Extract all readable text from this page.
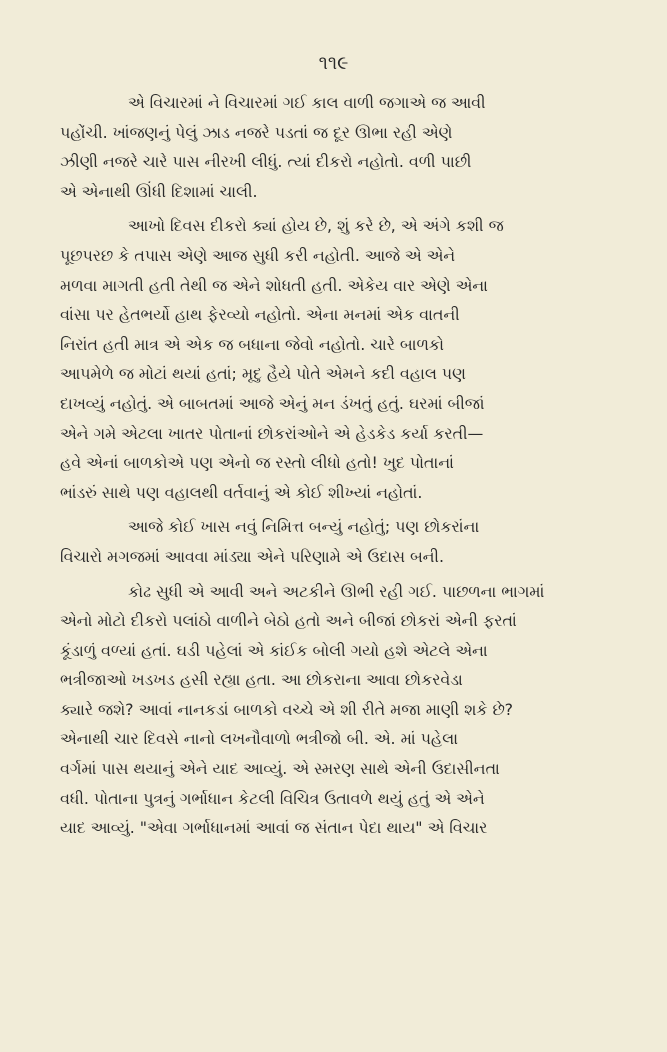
૧૧૯
એ વિચારમાં ને વિચારમાં ગઈ કાલ વાળી જગાએ જ આવી
પહોંચી. ખાંજણનું પેલું ઝાડ નજરે પડતાં જ દૂર ઊભા રહી એણે
ઝીણી નજરે ચારે પાસ નીરખી લીધું. ત્યાં દીકરો નહોતો. વળી પાછી
એ એનાથી ઊંધી દિશામાં ચાલી.
આખો દિવસ દીકરો ક્યાં હોય છે, શું કરે છે, એ અંગે કશી જ
પૂછપરછ કે તપાસ એણે આજ સુધી કરી નહોતી. આજે એ એને
મળવા માગતી હતી તેથી જ એને શોધતી હતી. એકેય વાર એણે એના
વાંસા પર હેતભર્યો હાથ ફેરવ્યો નહોતો. એના મનમાં એક વાતની
નિરાંત હતી માત્ર એ એક જ બધાના જેવો નહોતો. ચારે બાળકો
આપમેળે જ મોટાં થયાં હતાં; મૃદુ હૈયે પોતે એમને કદી વહાલ પણ
દાખવ્યું નહોતું. એ બાબતમાં આજે એનું મન ડંખતું હતું. ઘરમાં બીજાં
એને ગમે એટલા ખાતર પોતાનાં છોકરાંઓને એ હેડકેડ કર્યા કરતી—
હવે એનાં બાળકોએ પણ એનો જ રસ્તો લીધો હતો! ખુદ પોતાનાં
ભાંડરું સાથે પણ વહાલથી વર્તવાનું એ કોઈ શીખ્યાં નહોતાં.
આજે કોઈ ખાસ નવું નિમિત્ત બન્યું નહોતું; પણ છોકરાંના
વિચારો મગજમાં આવવા માંડ્યા એને પરિણામે એ ઉદાસ બની.
કોઢ સુધી એ આવી અને અટકીને ઊભી રહી ગઈ. પાછળના ભાગમાં
એનો મોટો દીકરો પલાંઠો વાળીને બેઠો હતો અને બીજાં છોકરાં એની ફરતાં
કૂંડાળું વળ્યાં હતાં. ઘડી પહેલાં એ કાંઈક બોલી ગયો હશે એટલે એના
ભત્રીજાઓ ખડખડ હસી રહ્યા હતા. આ છોકરાના આવા છોકરવેડા
ક્યારે જશે? આવાં નાનકડાં બાળકો વચ્ચે એ શી રીતે મજા માણી શકે છે?
એનાથી ચાર દિવસે નાનો લખનૌવાળો ભત્રીજો બી. એ. માં પહેલા
વર્ગમાં પાસ થયાનું એને યાદ આવ્યું. એ સ્મરણ સાથે એની ઉદાસીનતા
વધી. પોતાના પુત્રનું ગર્ભાધાન કેટલી વિચિત્ર ઉતાવળે થયું હતું એ એને
યાદ આવ્યું. "એવા ગર્ભાધાનમાં આવાં જ સંતાન પેદા થાય" એ વિચાર
